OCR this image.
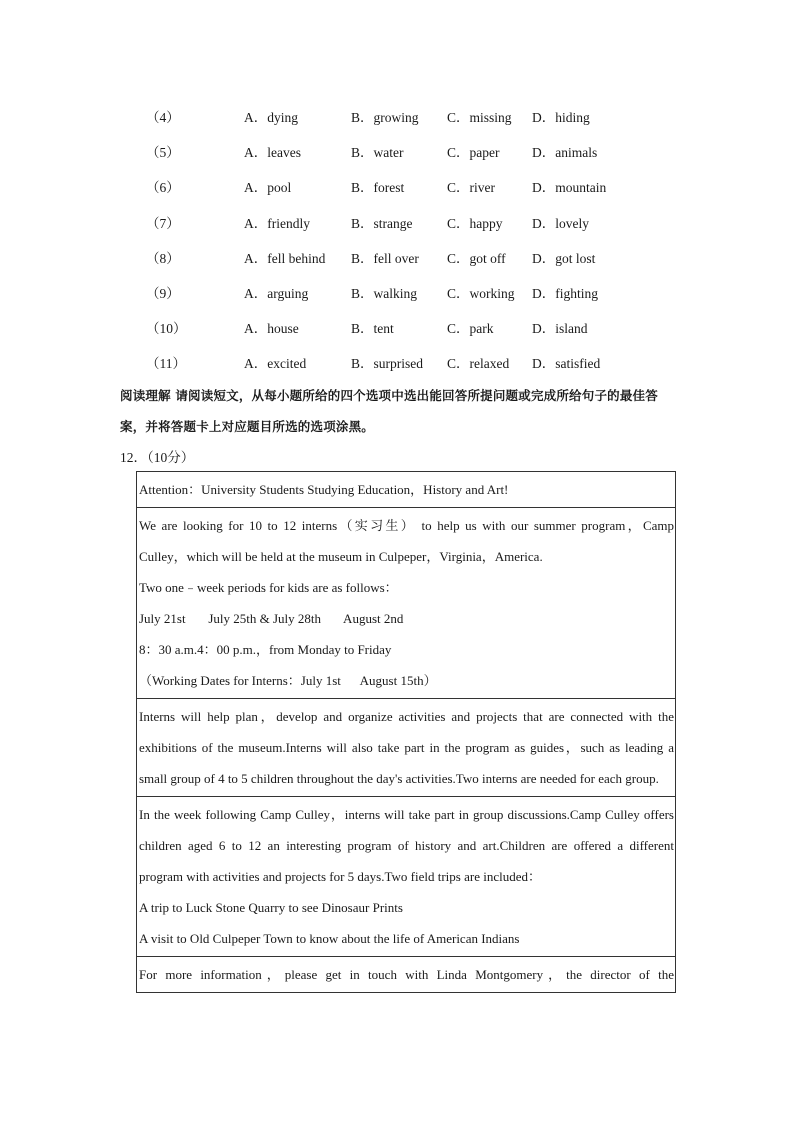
（4）	A．dying	B．growing C．missing D．hiding
（5）	A．leaves	B．water	C．paper D．animals
（6）	A．pool	B．forest	C．river	D．mountain
（7）	A．friendly	B．strange	C．happy D．lovely
（8）	A．fell behind B．fell over C．got off D．got lost
（9）	A．arguing	B．walking C．working D．fighting
（10）	A．house	B．tent	C．park	D．island
（11）	A．excited	B．surprised C．relaxed D．satisfied
阅读理解 请阅读短文，从每小题所给的四个选项中选出能回答所提问题或完成所给句子的最佳答案，并将答题卡上对应题目所选的选项涂黑。
12．（10分）
Attention：University Students Studying Education，History and Art!

We are looking for 10 to 12 interns（实习生） to help us with our summer program，Camp Culley，which will be held at the museum in Culpeper，Virginia，America.
Two one﹣week periods for kids are as follows：
July 21st       July 25th & July 28th       August 2nd
8：30 a.m.4：00 p.m.，from Monday to Friday
（Working Dates for Interns：July 1st      August 15th）

Interns will help plan，develop and organize activities and projects that are connected with the exhibitions of the museum.Interns will also take part in the program as guides，such as leading a small group of 4 to 5 children throughout the day's activities.Two interns are needed for each group.

In the week following Camp Culley，interns will take part in group discussions.Camp Culley offers children aged 6 to 12 an interesting program of history and art.Children are offered a different program with activities and projects for 5 days.Two field trips are included：
A trip to Luck Stone Quarry to see Dinosaur Prints
A visit to Old Culpeper Town to know about the life of American Indians

For more information，please get in touch with Linda Montgomery，the director of the
